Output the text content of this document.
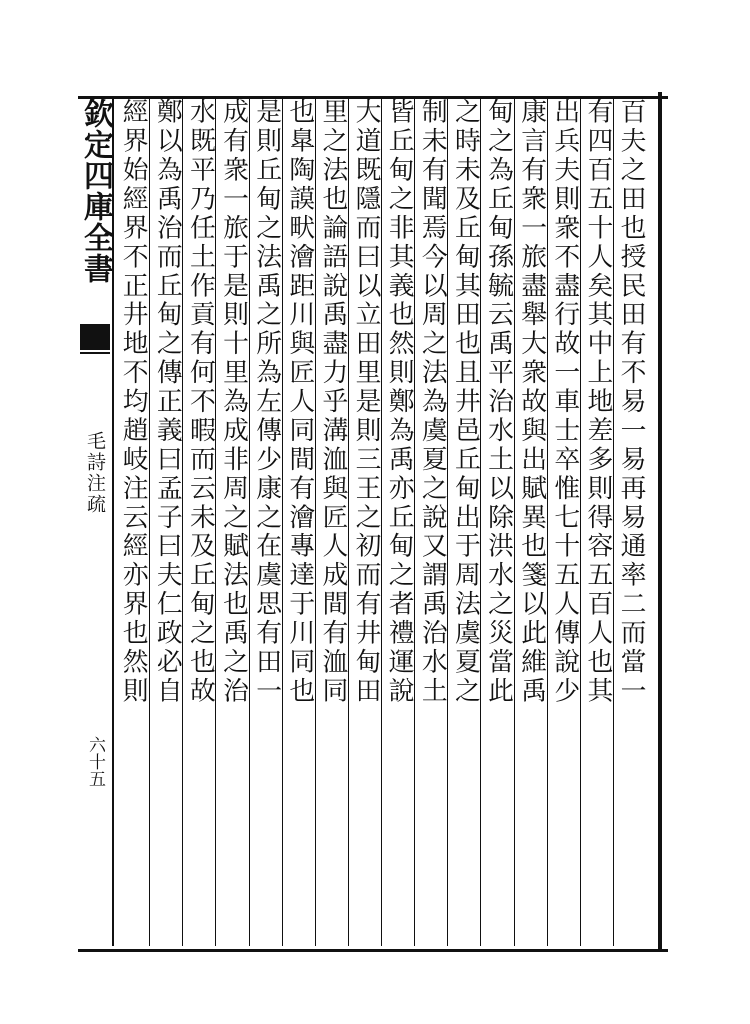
欽定四庫全書
毛詩注疏
六十五
百夫之田也授民田有不易一易再易通率二而當一
有四百五十人矣其中上地差多則得容五百人也其
出兵夫則衆不盡行故一車士卒惟七十五人傳說少
康言有衆一旅盡舉大衆故與出賦異也箋以此維禹
甸之為丘甸孫毓云禹平治水土以除洪水之災當此
之時未及丘甸其田也且井邑丘甸出于周法虞夏之
制未有聞焉今以周之法為虞夏之說又謂禹治水土
皆丘甸之非其義也然則鄭為禹亦丘甸之者禮運說
大道既隱而曰以立田里是則三王之初而有井甸田
里之法也論語說禹盡力乎溝洫與匠人成間有洫同
也臯陶謨畎澮距川與匠人同間有澮專達于川同也
是則丘甸之法禹之所為左傳少康之在虞思有田一
成有衆一旅于是則十里為成非周之賦法也禹之治
水既平乃任土作貢有何不暇而云未及丘甸之也故
鄭以為禹治而丘甸之傳正義曰孟子曰夫仁政必自
經界始經界不正井地不均趙岐注云經亦界也然則
